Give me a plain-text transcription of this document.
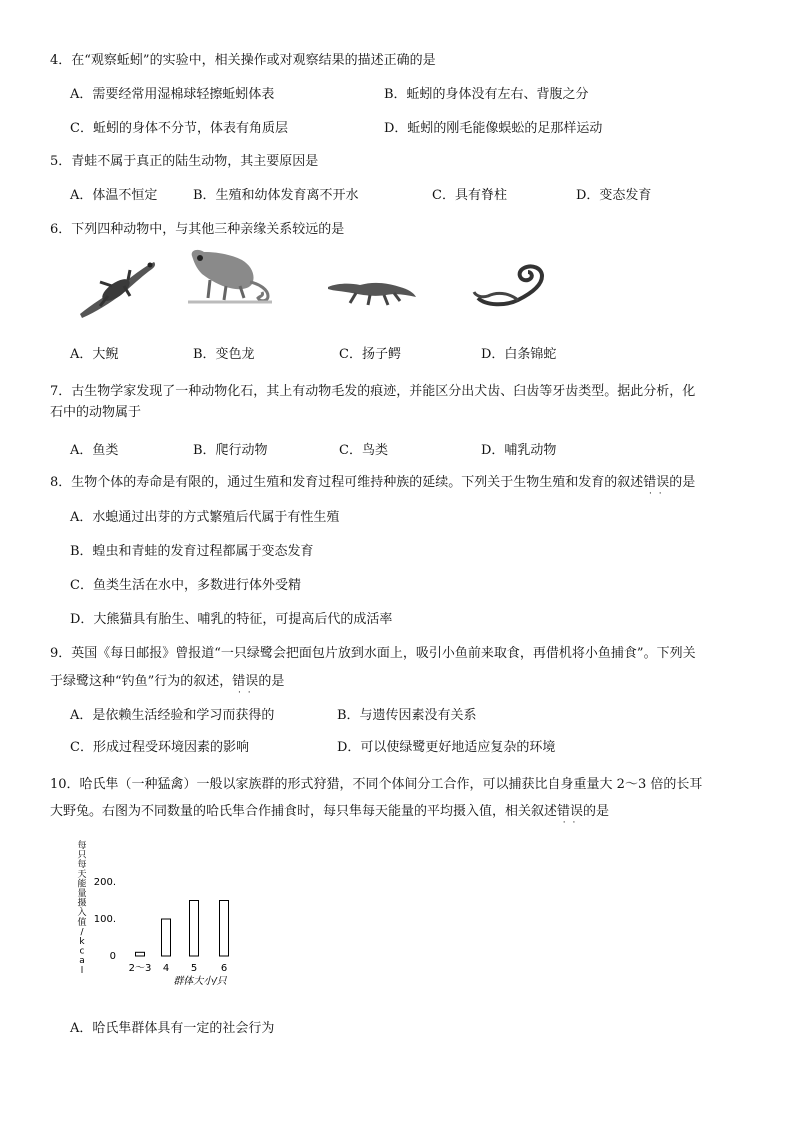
4．在“观察蚯蚓”的实验中，相关操作或对观察结果的描述正确的是
A．需要经常用湿棉球轻擦蚯蚓体表	B．蚯蚓的身体没有左右、背腹之分
C．蚯蚓的身体不分节，体表有角质层	D．蚯蚓的刚毛能像蜈蚣的足那样运动
5．青蛙不属于真正的陆生动物，其主要原因是
A．体温不恒定	B．生殖和幼体发育离不开水	C．具有脊柱	D．变态发育
6．下列四种动物中，与其他三种亲缘关系较远的是
A．大鲵	B．变色龙	C．扬子鳄	D．白条锦蛇
7．古生物学家发现了一种动物化石，其上有动物毛发的痕迹，并能区分出犬齿、臼齿等牙齿类型。据此分析，化
石中的动物属于
A．鱼类	B．爬行动物	C．鸟类	D．哺乳动物
8．生物个体的寿命是有限的，通过生殖和发育过程可维持种族的延续。下列关于生物生殖和发育的叙述错误 · ·的是
A．水螅通过出芽的方式繁殖后代属于有性生殖
B．蝗虫和青蛙的发育过程都属于变态发育
C．鱼类生活在水中，多数进行体外受精
D．大熊猫具有胎生、哺乳的特征，可提高后代的成活率
9．英国《每日邮报》曾报道“一只绿鹭会把面包片放到水面上，吸引小鱼前来取食，再借机将小鱼捕食”。下列关
于绿鹭这种“钓鱼”行为的叙述，错误 · ·的是
A．是依赖生活经验和学习而获得的	B．与遗传因素没有关系
C．形成过程受环境因素的影响	D．可以使绿鹭更好地适应复杂的环境
10．哈氏隼（一种猛禽）一般以家族群的形式狩猎，不同个体间分工合作，可以捕获比自身重量大 2～3 倍的长耳
大野兔。右图为不同数量的哈氏隼合作捕食时，每只隼每天能量的平均摄入值，相关叙述错误 · ·的是
每
只
每
天
能
量
摄
入
值
/
k
c
a
l
0
100.
200.
2～3 4 5 6
群体大小/只
A．哈氏隼群体具有一定的社会行为
